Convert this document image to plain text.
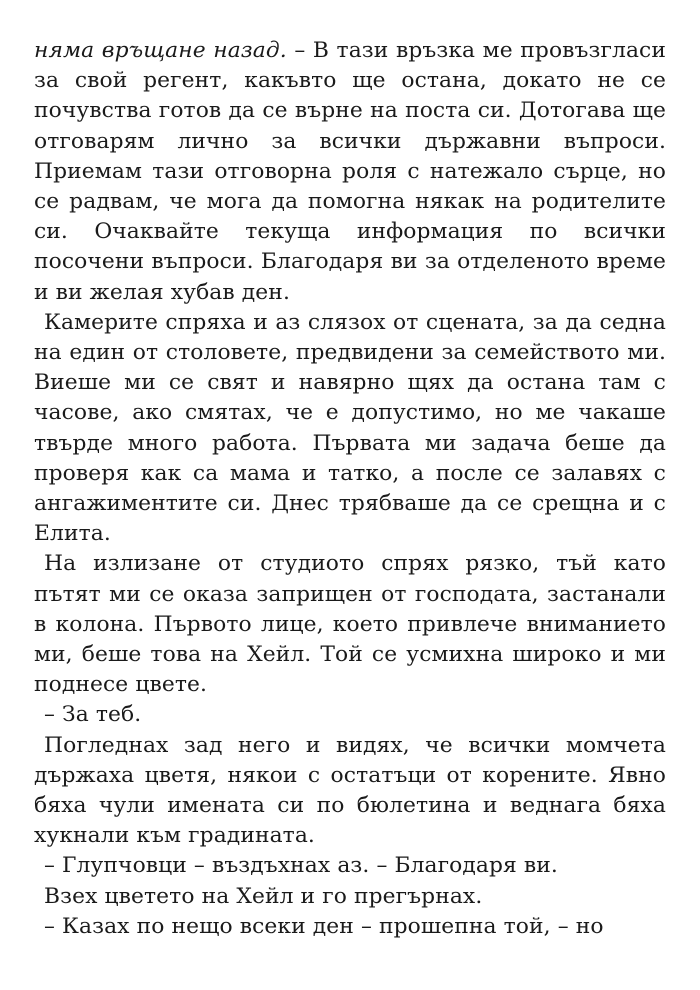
няма връщане назад. – В тази връзка ме провъзгласи за свой регент, какъвто ще остана, докато не се почувства готов да се върне на поста си. Дотогава ще отговарям лично за всички държавни въпроси. Приемам тази отговорна роля с натежало сърце, но се радвам, че мога да помогна някак на родителите си. Очаквайте текуща информация по всички посочени въпроси. Благодаря ви за отделеното време и ви желая хубав ден.

Камерите спряха и аз слязох от сцената, за да седна на един от столовете, предвидени за семейството ми. Виеше ми се свят и навярно щях да остана там с часове, ако смятах, че е допустимо, но ме чакаше твърде много работа. Първата ми задача беше да проверя как са мама и татко, а после се залавях с ангажиментите си. Днес трябваше да се срещна и с Елита.

На излизане от студиото спрях рязко, тъй като пътят ми се оказа заприщен от господата, застанали в колона. Първото лице, което привлече вниманието ми, беше това на Хейл. Той се усмихна широко и ми поднесе цвете.

– За теб.

Погледнах зад него и видях, че всички момчета държаха цветя, някои с остатъци от корените. Явно бяха чули имената си по бюлетина и веднага бяха хукнали към градината.

– Глупчовци – въздъхнах аз. – Благодаря ви.

Взех цветето на Хейл и го прегърнах.

– Казах по нещо всеки ден – прошепна той, – но
